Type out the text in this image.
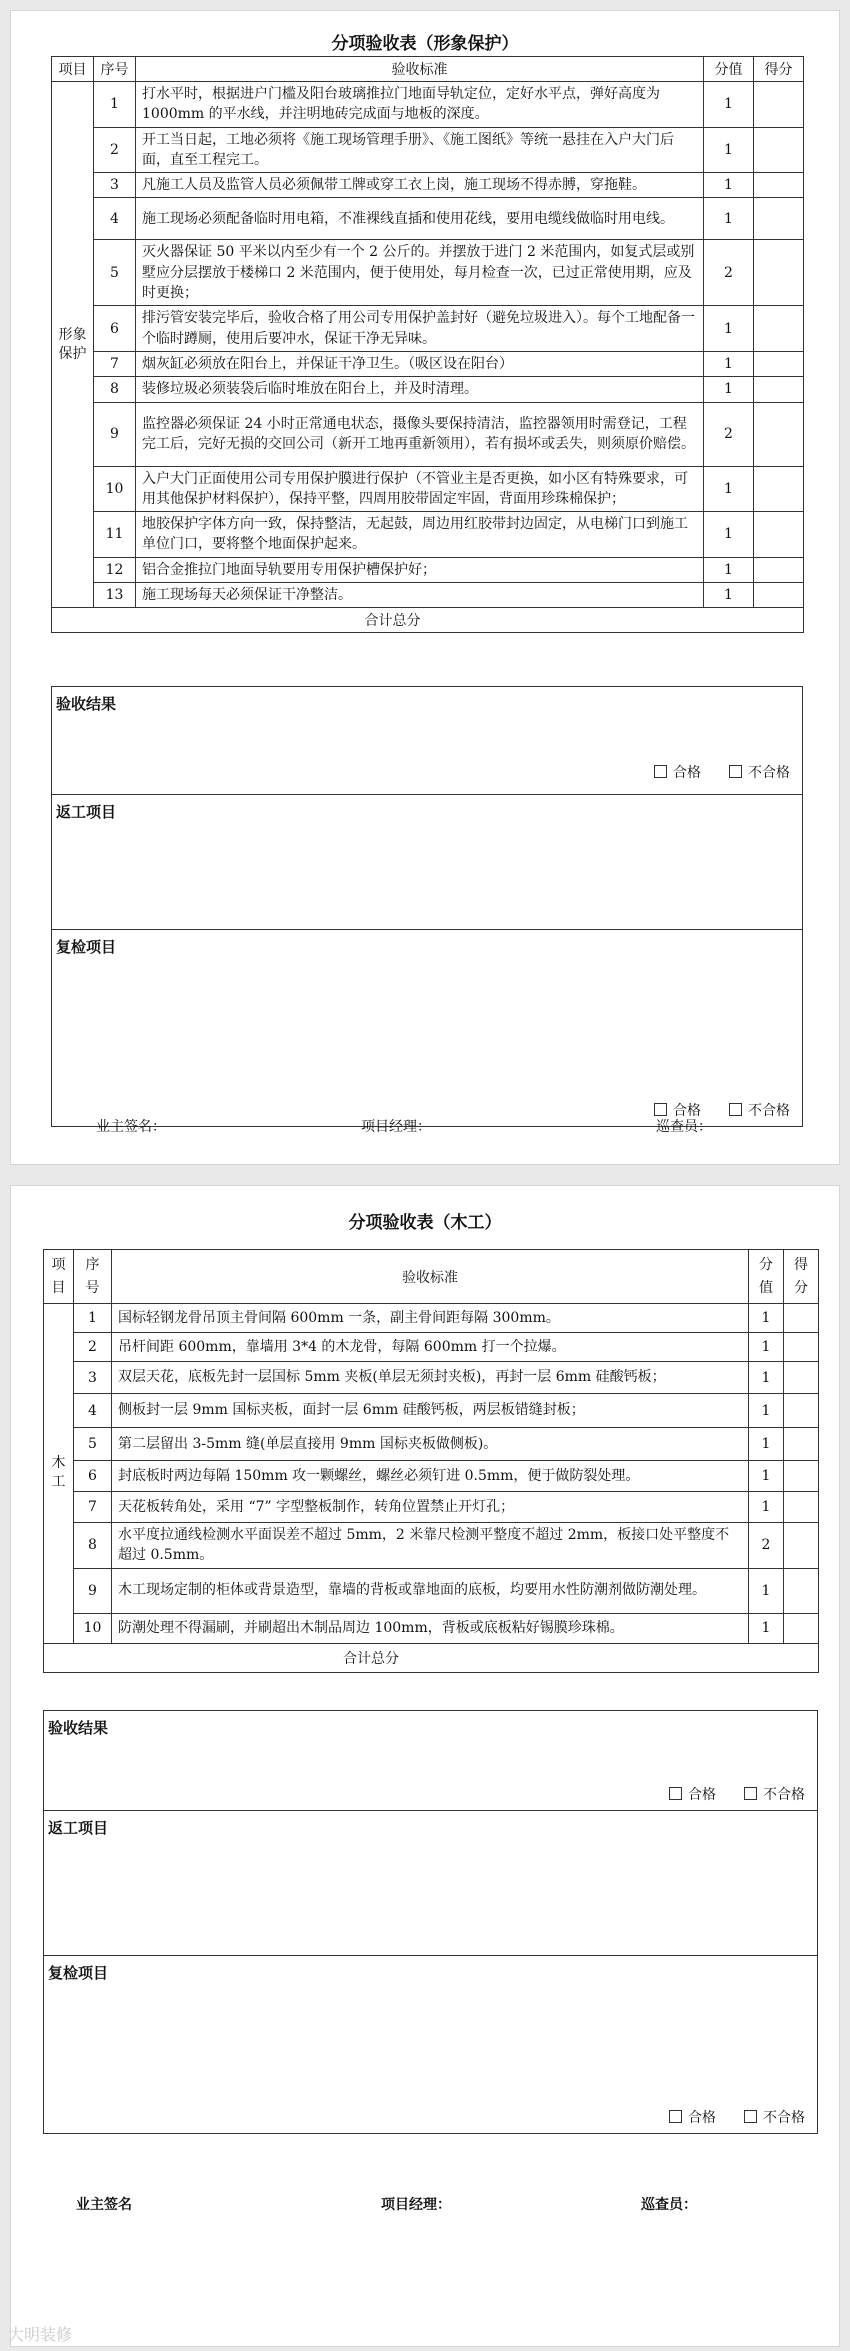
分项验收表（形象保护）
项目	序号	验收标准	分值	得分
形象保护	1	打水平时，根据进户门槛及阳台玻璃推拉门地面导轨定位，定好水平点，弹好高度为 1000mm 的平水线，并注明地砖完成面与地板的深度。	1	
	2	开工当日起，工地必须将《施工现场管理手册》、《施工图纸》等统一悬挂在入户大门后面，直至工程完工。	1	
	3	凡施工人员及监管人员必须佩带工牌或穿工衣上岗，施工现场不得赤膊，穿拖鞋。	1	
	4	施工现场必须配备临时用电箱，不准裸线直插和使用花线，要用电缆线做临时用电线。	1	
	5	灭火器保证 50 平米以内至少有一个 2 公斤的。并摆放于进门 2 米范围内，如复式层或别墅应分层摆放于楼梯口 2 米范围内，便于使用处，每月检查一次，已过正常使用期，应及时更换；	2	
	6	排污管安装完毕后，验收合格了用公司专用保护盖封好（避免垃圾进入）。每个工地配备一个临时蹲厕，使用后要冲水，保证干净无异味。	1	
	7	烟灰缸必须放在阳台上，并保证干净卫生。（吸区设在阳台）	1	
	8	装修垃圾必须装袋后临时堆放在阳台上，并及时清理。	1	
	9	监控器必须保证 24 小时正常通电状态，摄像头要保持清洁，监控器领用时需登记，工程完工后，完好无损的交回公司（新开工地再重新领用），若有损坏或丢失，则须原价赔偿。	2	
	10	入户大门正面使用公司专用保护膜进行保护（不管业主是否更换，如小区有特殊要求，可用其他保护材料保护），保持平整，四周用胶带固定牢固，背面用珍珠棉保护；	1	
	11	地胶保护字体方向一致，保持整洁，无起鼓，周边用红胶带封边固定，从电梯门口到施工单位门口，要将整个地面保护起来。	1	
	12	铝合金推拉门地面导轨要用专用保护槽保护好；	1	
	13	施工现场每天必须保证干净整洁。	1	
合计总分				
验收结果
合格  	不合格

返工项目
复检项目
合格  	不合格
业主签名：	项目经理：	巡查员：
分项验收表（木工）
项目	序号	验收标准	分值	得分
木工	1	国标轻钢龙骨吊顶主骨间隔 600mm 一条，副主骨间距每隔 300mm。	1	
	2	吊杆间距 600mm，靠墙用 3*4 的木龙骨，每隔 600mm 打一个拉爆。	1	
	3	双层天花，底板先封一层国标 5mm 夹板(单层无须封夹板)，再封一层 6mm 硅酸钙板；	1	
	4	侧板封一层 9mm 国标夹板，面封一层 6mm 硅酸钙板，两层板错缝封板；	1	
	5	第二层留出 3-5mm 缝(单层直接用 9mm 国标夹板做侧板)。	1	
	6	封底板时两边每隔 150mm 攻一颗螺丝，螺丝必须钉进 0.5mm，便于做防裂处理。	1	
	7	天花板转角处，采用 “7” 字型整板制作，转角位置禁止开灯孔；	1	
	8	水平度拉通线检测水平面误差不超过 5mm，2 米靠尺检测平整度不超过 2mm，板接口处平整度不超过 0.5mm。	2	
	9	木工现场定制的柜体或背景造型，靠墙的背板或靠地面的底板，均要用水性防潮剂做防潮处理。	1	
	10	防潮处理不得漏刷，并刷超出木制品周边 100mm，背板或底板粘好锡膜珍珠棉。	1	
合计总分				
验收结果
合格  	不合格

返工项目
复检项目
合格  	不合格
业主签名	项目经理：	巡查员：
大明装修
